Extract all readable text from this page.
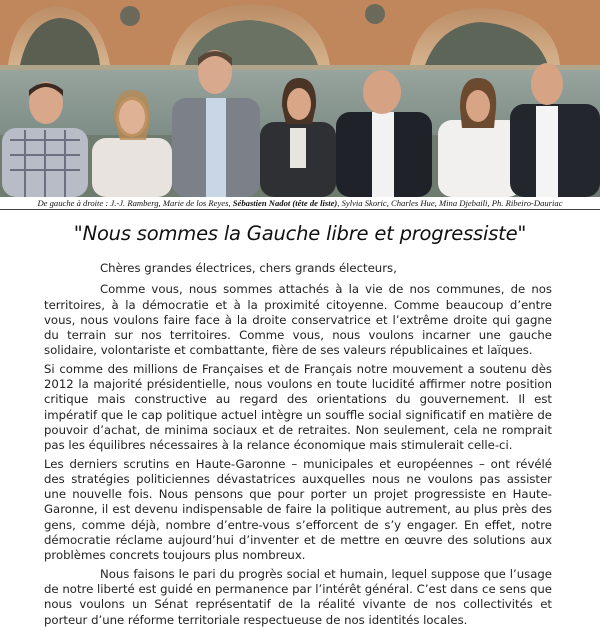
De gauche à droite : J.-J. Ramberg, Marie de los Reyes, Sébastien Nadot (tête de liste), Sylvia Skoric, Charles Hue, Mina Djebaili, Ph. Ribeiro-Dauriac
"Nous sommes la Gauche libre et progressiste"

Chères grandes électrices, chers grands électeurs,

Comme vous, nous sommes attachés à la vie de nos communes, de nos territoires, à la démocratie et à la proximité citoyenne. Comme beaucoup d’entre vous, nous voulons faire face à la droite conservatrice et l’extrême droite qui gagne du terrain sur nos territoires. Comme vous, nous voulons incarner une gauche solidaire, volontariste et combattante, fière de ses valeurs républicaines et laïques.

Si comme des millions de Françaises et de Français notre mouvement a soutenu dès 2012 la majorité présidentielle, nous voulons en toute lucidité affirmer notre position critique mais constructive au regard des orientations du gouvernement. Il est impératif que le cap politique actuel intègre un souffle social significatif en matière de pouvoir d’achat, de minima sociaux et de retraites. Non seulement, cela ne romprait pas les équilibres nécessaires à la relance économique mais stimulerait celle-ci.

Les derniers scrutins en Haute-Garonne – municipales et européennes – ont révélé des stratégies politiciennes dévastatrices auxquelles nous ne voulons pas assister une nouvelle fois. Nous pensons que pour porter un projet progressiste en Haute-Garonne, il est devenu indispensable de faire la politique autrement, au plus près des gens, comme déjà, nombre d’entre-vous s’efforcent de s’y engager. En effet, notre démocratie réclame aujourd’hui d’inventer et de mettre en œuvre des solutions aux problèmes concrets toujours plus nombreux.

Nous faisons le pari du progrès social et humain, lequel suppose que l’usage de notre liberté est guidé en permanence par l’intérêt général. C’est dans ce sens que nous voulons un Sénat représentatif de la réalité vivante de nos collectivités et porteur d’une réforme territoriale respectueuse de nos identités locales.
